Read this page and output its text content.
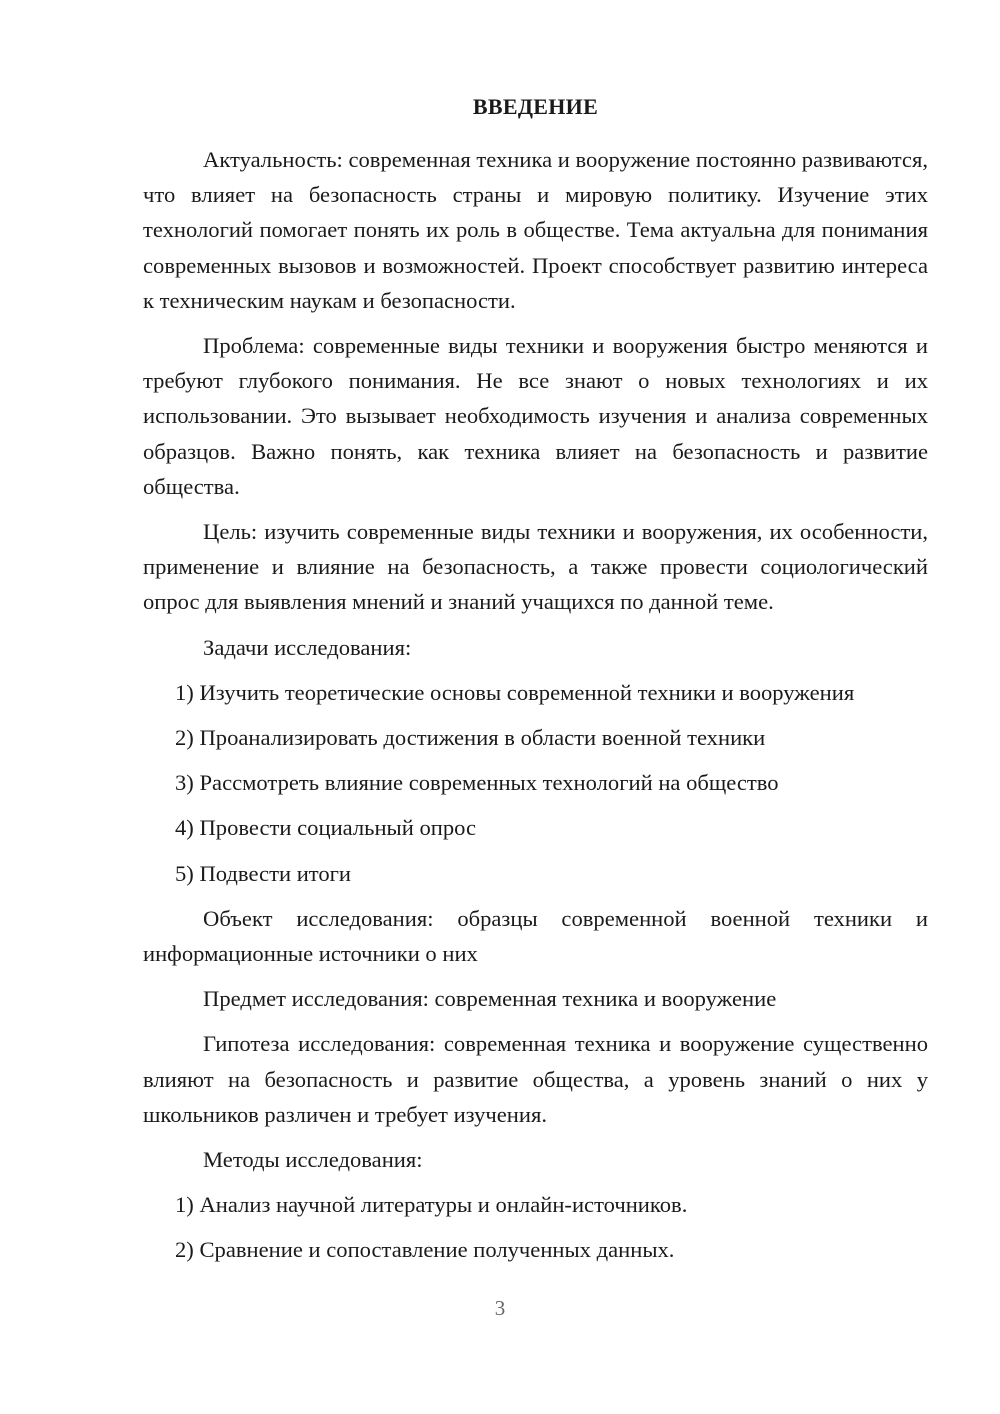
ВВЕДЕНИЕ

Актуальность: современная техника и вооружение постоянно развиваются, что влияет на безопасность страны и мировую политику. Изучение этих технологий помогает понять их роль в обществе. Тема актуальна для понимания современных вызовов и возможностей. Проект способствует развитию интереса к техническим наукам и безопасности.

Проблема: современные виды техники и вооружения быстро меняются и требуют глубокого понимания. Не все знают о новых технологиях и их использовании. Это вызывает необходимость изучения и анализа современных образцов. Важно понять, как техника влияет на безопасность и развитие общества.

Цель: изучить современные виды техники и вооружения, их особенности, применение и влияние на безопасность, а также провести социологический опрос для выявления мнений и знаний учащихся по данной теме.

Задачи исследования:
1) Изучить теоретические основы современной техники и вооружения
2) Проанализировать достижения в области военной техники
3) Рассмотреть влияние современных технологий на общество
4) Провести социальный опрос
5) Подвести итоги

Объект исследования: образцы современной военной техники и информационные источники о них

Предмет исследования: современная техника и вооружение

Гипотеза исследования: современная техника и вооружение существенно влияют на безопасность и развитие общества, а уровень знаний о них у школьников различен и требует изучения.

Методы исследования:
1) Анализ научной литературы и онлайн-источников.
2) Сравнение и сопоставление полученных данных.
3
